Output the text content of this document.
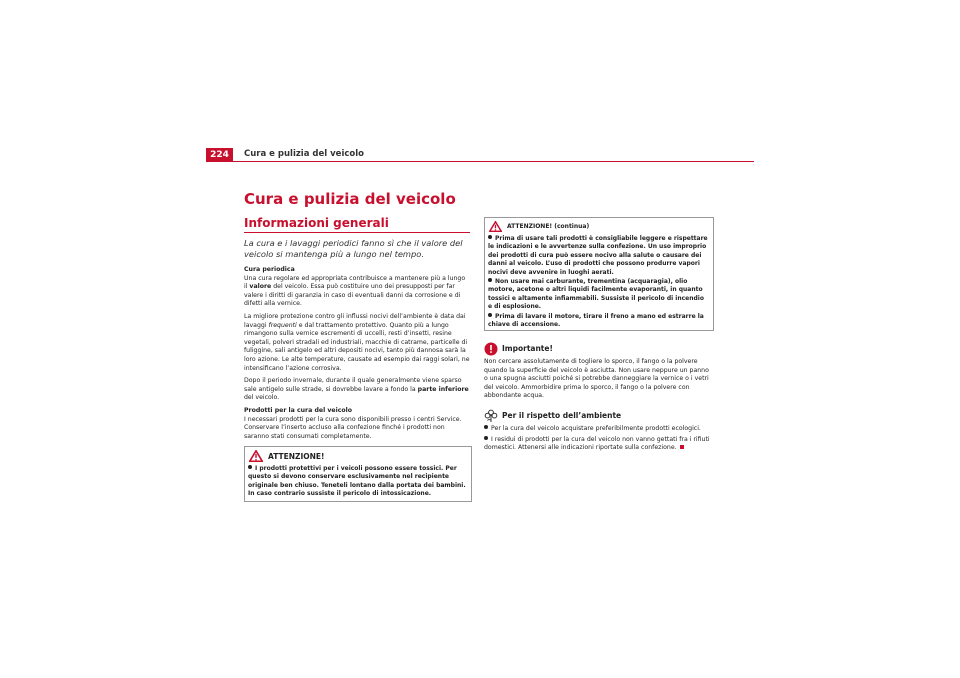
224	Cura e pulizia del veicolo
Cura e pulizia del veicolo
Informazioni generali

La cura e i lavaggi periodici fanno sì che il valore del veicolo si mantenga più a lungo nel tempo.

Cura periodica

Una cura regolare ed appropriata contribuisce a mantenere più a lungo il valore del veicolo. Essa può costituire uno dei presupposti per far valere i diritti di garanzia in caso di eventuali danni da corrosione e di difetti alla vernice.

La migliore protezione contro gli influssi nocivi dell’ambiente è data dai lavaggi frequenti e dal trattamento protettivo. Quanto più a lungo rimangono sulla vernice escrementi di uccelli, resti d’insetti, resine vegetali, polveri stradali ed industriali, macchie di catrame, particelle di fuliggine, sali antigelo ed altri depositi nocivi, tanto più dannosa sarà la loro azione. Le alte temperature, causate ad esempio dai raggi solari, ne intensificano l’azione corrosiva.

Dopo il periodo invernale, durante il quale generalmente viene sparso sale antigelo sulle strade, si dovrebbe lavare a fondo la parte inferiore del veicolo.

Prodotti per la cura del veicolo

I necessari prodotti per la cura sono disponibili presso i centri Service. Conservare l’inserto accluso alla confezione finché i prodotti non saranno stati consumati completamente.

ATTENZIONE!

I prodotti protettivi per i veicoli possono essere tossici. Per questo si devono conservare esclusivamente nel recipiente originale ben chiuso. Teneteli lontano dalla portata dei bambini. In caso contrario sussiste il pericolo di intossicazione.

ATTENZIONE! (continua)

Prima di usare tali prodotti è consigliabile leggere e rispettare le indicazioni e le avvertenze sulla confezione. Un uso improprio dei prodotti di cura può essere nocivo alla salute o causare dei danni al veicolo. L’uso di prodotti che possono produrre vapori nocivi deve avvenire in luoghi aerati.

Non usare mai carburante, trementina (acquaragia), olio motore, acetone o altri liquidi facilmente evaporanti, in quanto tossici e altamente infiammabili. Sussiste il pericolo di incendio e di esplosione.

Prima di lavare il motore, tirare il freno a mano ed estrarre la chiave di accensione.

Importante!

Non cercare assolutamente di togliere lo sporco, il fango o la polvere quando la superficie del veicolo è asciutta. Non usare neppure un panno o una spugna asciutti poiché si potrebbe danneggiare la vernice o i vetri del veicolo. Ammorbidire prima lo sporco, il fango o la polvere con abbondante acqua.

Per il rispetto dell’ambiente

Per la cura del veicolo acquistare preferibilmente prodotti ecologici.

I residui di prodotti per la cura del veicolo non vanno gettati fra i rifiuti domestici. Attenersi alle indicazioni riportate sulla confezione.
